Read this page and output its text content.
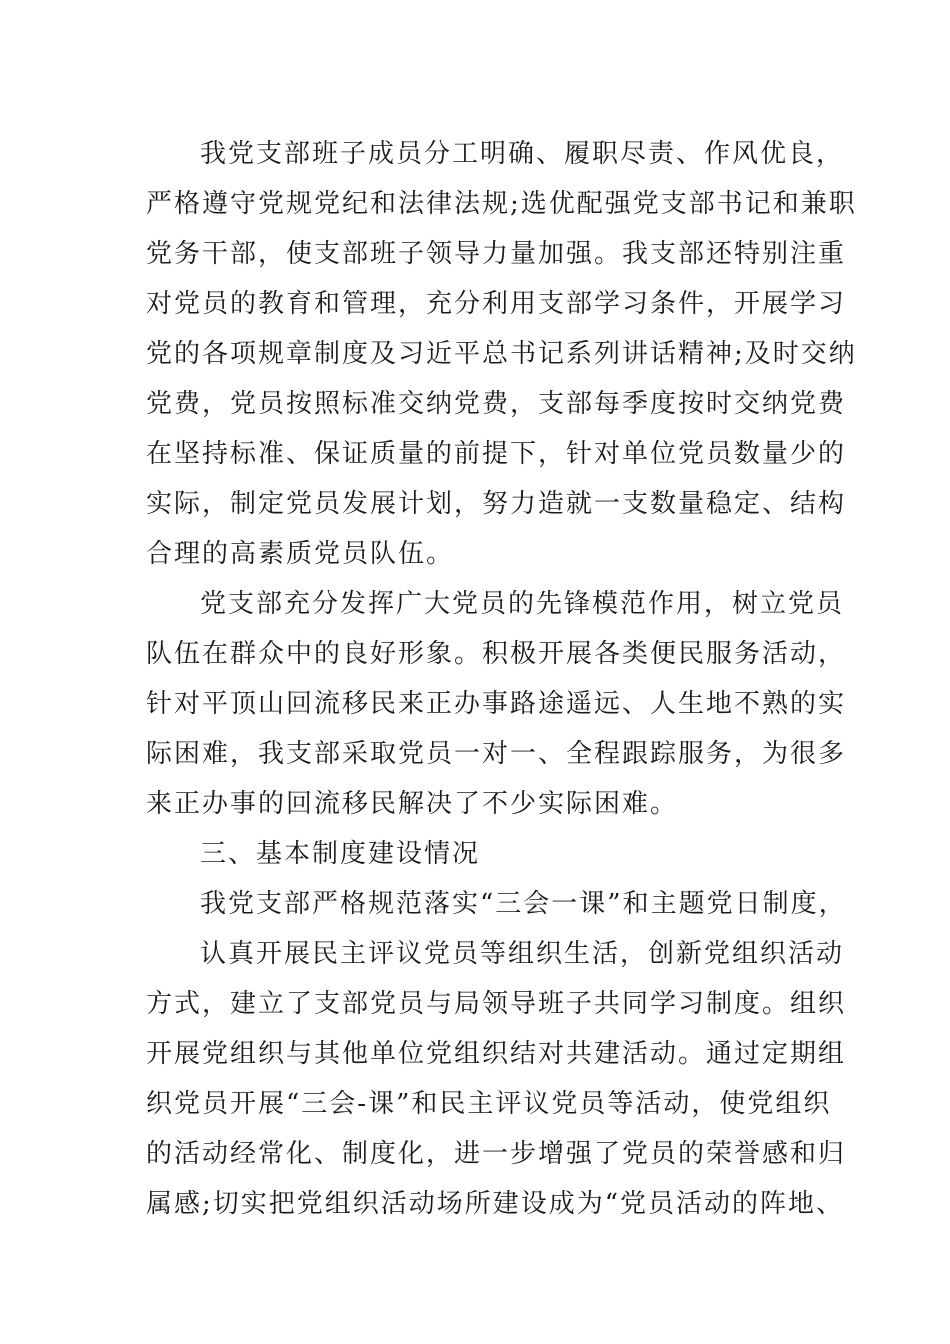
我党支部班子成员分工明确、履职尽责、作风优良，
严格遵守党规党纪和法律法规;选优配强党支部书记和兼职
党务干部，使支部班子领导力量加强。我支部还特别注重
对党员的教育和管理，充分利用支部学习条件，开展学习
党的各项规章制度及习近平总书记系列讲话精神;及时交纳
党费，党员按照标准交纳党费，支部每季度按时交纳党费
在坚持标准、保证质量的前提下，针对单位党员数量少的
实际，制定党员发展计划，努力造就一支数量稳定、结构
合理的高素质党员队伍。
党支部充分发挥广大党员的先锋模范作用，树立党员
队伍在群众中的良好形象。积极开展各类便民服务活动，
针对平顶山回流移民来正办事路途遥远、人生地不熟的实
际困难，我支部采取党员一对一、全程跟踪服务，为很多
来正办事的回流移民解决了不少实际困难。
三、基本制度建设情况
我党支部严格规范落实“三会一课”和主题党日制度，
认真开展民主评议党员等组织生活，创新党组织活动
方式，建立了支部党员与局领导班子共同学习制度。组织
开展党组织与其他单位党组织结对共建活动。通过定期组
织党员开展“三会-课”和民主评议党员等活动，使党组织
的活动经常化、制度化，进一步增强了党员的荣誉感和归
属感;切实把党组织活动场所建设成为“党员活动的阵地、
